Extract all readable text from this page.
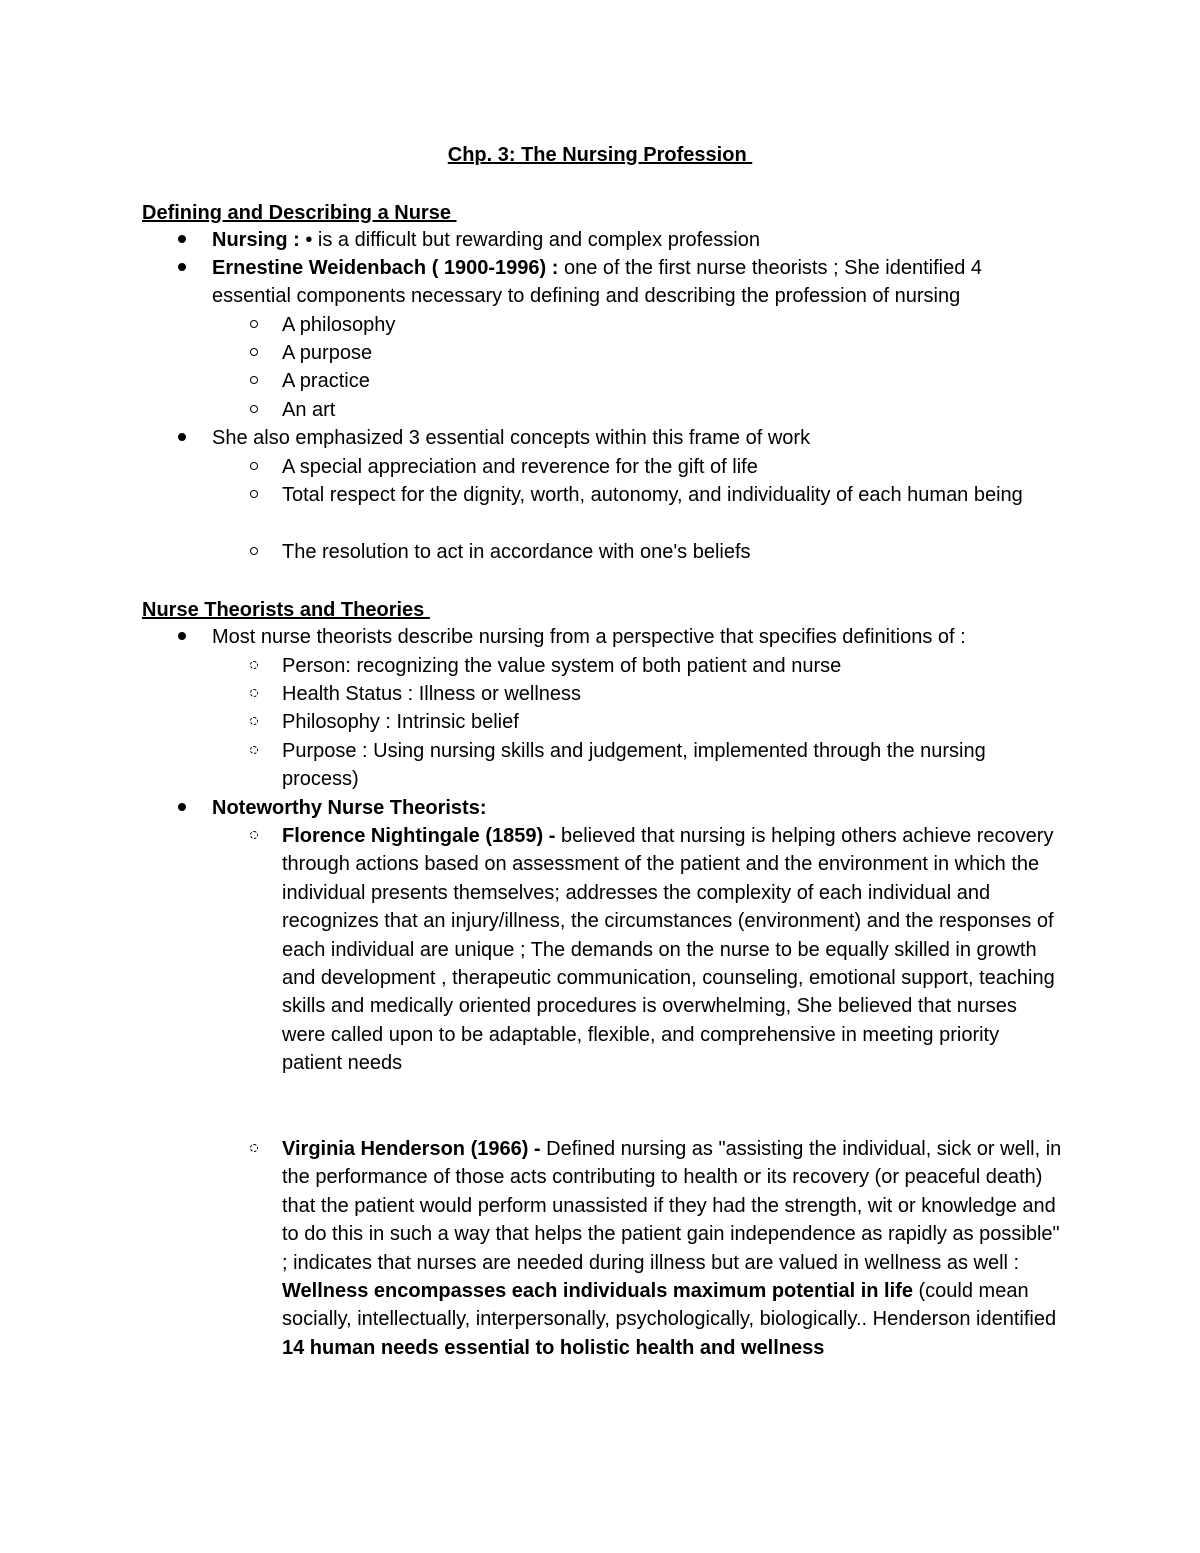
Chp. 3: The Nursing Profession
Defining and Describing a Nurse
Nursing : • is a difficult but rewarding and complex profession
Ernestine Weidenbach ( 1900-1996) : one of the first nurse theorists ; She identified 4 essential components necessary to defining and describing the profession of nursing
A philosophy
A purpose
A practice
An art
She also emphasized 3 essential concepts within this frame of work
A special appreciation and reverence for the gift of life
Total respect for the dignity, worth, autonomy, and individuality of each human being
The resolution to act in accordance with one's beliefs
Nurse Theorists and Theories
Most nurse theorists describe nursing from a perspective that specifies definitions of :
Person: recognizing the value system of both patient and nurse
Health Status : Illness or wellness
Philosophy : Intrinsic belief
Purpose : Using nursing skills and judgement, implemented through the nursing process)
Noteworthy Nurse Theorists:
Florence Nightingale (1859) - believed that nursing is helping others achieve recovery through actions based on assessment of the patient and the environment in which the individual presents themselves; addresses the complexity of each individual and recognizes that an injury/illness, the circumstances (environment) and the responses of each individual are unique ; The demands on the nurse to be equally skilled in growth and development , therapeutic communication, counseling, emotional support, teaching skills and medically oriented procedures is overwhelming, She believed that nurses were called upon to be adaptable, flexible, and comprehensive in meeting priority patient needs
Virginia Henderson (1966) - Defined nursing as "assisting the individual, sick or well, in the performance of those acts contributing to health or its recovery (or peaceful death) that the patient would perform unassisted if they had the strength, wit or knowledge and to do this in such a way that helps the patient gain independence as rapidly as possible" ; indicates that nurses are needed during illness but are valued in wellness as well : Wellness encompasses each individuals maximum potential in life (could mean socially, intellectually, interpersonally, psychologically, biologically.. Henderson identified 14 human needs essential to holistic health and wellness
